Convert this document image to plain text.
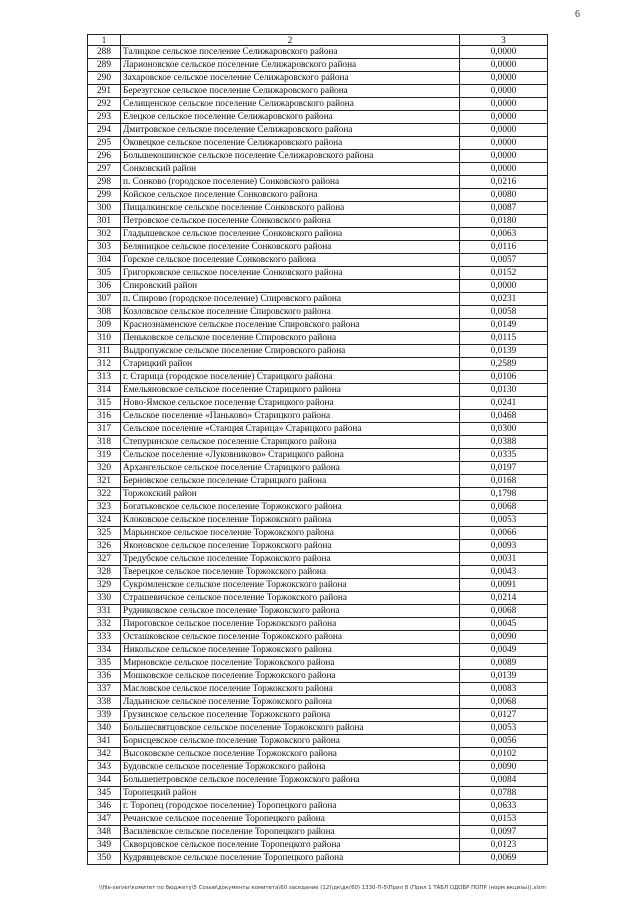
6
1	2	3
288	Талицкое сельское поселение Селижаровского района	0,0000
289	Ларионовское сельское поселение Селижаровского района	0,0000
290	Захаровское сельское поселение Селижаровского района	0,0000
291	Березугское сельское поселение Селижаровского района	0,0000
292	Селищенское сельское поселение Селижаровского района	0,0000
293	Елецкое сельское поселение Селижаровского района	0,0000
294	Дмитровское сельское поселение Селижаровского района	0,0000
295	Оковецкое сельское поселение Селижаровского района	0,0000
296	Большекошинское сельское поселение Селижаровского района	0,0000
297	Сонковский район	0,0000
298	п. Сонково (городское поселение) Сонковского района	0,0216
299	Койское сельское поселение Сонковского района	0,0080
300	Пищалкинское сельское поселение Сонковского района	0,0087
301	Петровское сельское поселение Сонковского района	0,0180
302	Гладышевское сельское поселение Сонковского района	0,0063
303	Беляницкое сельское поселение Сонковского района	0,0116
304	Горское сельское поселение Сонковского района	0,0057
305	Григорковское сельское поселение Сонковского района	0,0152
306	Спировский район	0,0000
307	п. Спирово (городское поселение) Спировского района	0,0231
308	Козловское сельское поселение Спировского района	0,0058
309	Краснознаменское сельское поселение Спировского района	0,0149
310	Пеньковское сельское поселение Спировского района	0,0115
311	Выдропужское сельское поселение Спировского района	0,0139
312	Старицкий район	0,2589
313	г. Старица (городское поселение) Старицкого района	0,0106
314	Емельяновское сельское поселение Старицкого района	0,0130
315	Ново-Ямское сельское поселение Старицкого района	0,0241
316	Сельское поселение «Паньково» Старицкого района	0,0468
317	Сельское поселение «Станция Старица» Старицкого района	0,0300
318	Степуринское сельское поселение Старицкого района	0,0388
319	Сельское поселение «Луковниково» Старицкого района	0,0335
320	Архангельское сельское поселение Старицкого района	0,0197
321	Берновское сельское поселение Старицкого района	0,0168
322	Торжокский район	0,1798
323	Богатьковское сельское поселение Торжокского района	0,0068
324	Клоковское сельское поселение Торжокского района	0,0053
325	Марьинское сельское поселение Торжокского района	0,0066
326	Яконовское сельское поселение Торжокского района	0,0093
327	Тредубское сельское поселение Торжокского района	0,0031
328	Тверецкое сельское поселение Торжокского района	0,0043
329	Сукромленское сельское поселение Торжокского района	0,0091
330	Страшевичское сельское поселение Торжокского района	0,0214
331	Рудниковское сельское поселение Торжокского района	0,0068
332	Пироговское сельское поселение Торжокского района	0,0045
333	Осташковское сельское поселение Торжокского района	0,0090
334	Никольское сельское поселение Торжокского района	0,0049
335	Мирновское сельское поселение Торжокского района	0,0089
336	Мошковское сельское поселение Торжокского района	0,0139
337	Масловское сельское поселение Торжокского района	0,0083
338	Ладьинское сельское поселение Торжокского района	0,0068
339	Грузинское сельское поселение Торжокского района	0,0127
340	Большесвятцовское сельское поселение Торжокского района	0,0053
341	Борисцевское сельское поселение Торжокского района	0,0056
342	Высоковское сельское поселение Торжокского района	0,0102
343	Будовское сельское поселение Торжокского района	0,0090
344	Большепетровское сельское поселение Торжокского района	0,0084
345	Торопецкий район	0,0788
346	г. Торопец (городское поселение) Торопецкого района	0,0633
347	Речанское сельское поселение Торопецкого района	0,0153
348	Василевское сельское поселение Торопецкого района	0,0097
349	Скворцовское сельское поселение Торопецкого района	0,0123
350	Кудрявцевское сельское поселение Торопецкого района	0,0069
\\file-server\комитет по бюджету\5 Созыв\документы комитета\60 заседание (12)\дк\дк(60) 1330-П-5\Прил 8 (Прил 1 ТАБЛ ОДОБР ПОПР (норм вкцизы)).xlsm
